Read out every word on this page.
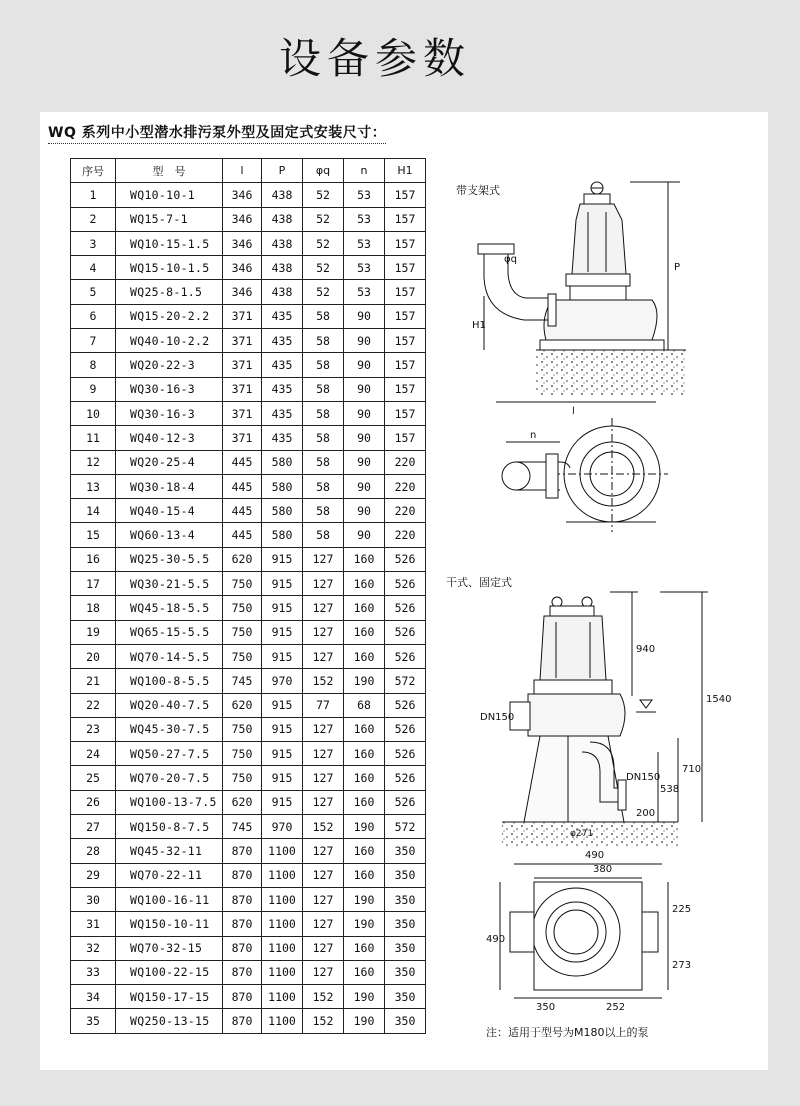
设备参数
WQ 系列中小型潜水排污泵外型及固定式安装尺寸：
序号	型　号	l	P	φq	n	H1
1	WQ10-10-1	346	438	52	53	157
2	WQ15-7-1	346	438	52	53	157
3	WQ10-15-1.5	346	438	52	53	157
4	WQ15-10-1.5	346	438	52	53	157
5	WQ25-8-1.5	346	438	52	53	157
6	WQ15-20-2.2	371	435	58	90	157
7	WQ40-10-2.2	371	435	58	90	157
8	WQ20-22-3	371	435	58	90	157
9	WQ30-16-3	371	435	58	90	157
10	WQ30-16-3	371	435	58	90	157
11	WQ40-12-3	371	435	58	90	157
12	WQ20-25-4	445	580	58	90	220
13	WQ30-18-4	445	580	58	90	220
14	WQ40-15-4	445	580	58	90	220
15	WQ60-13-4	445	580	58	90	220
16	WQ25-30-5.5	620	915	127	160	526
17	WQ30-21-5.5	750	915	127	160	526
18	WQ45-18-5.5	750	915	127	160	526
19	WQ65-15-5.5	750	915	127	160	526
20	WQ70-14-5.5	750	915	127	160	526
21	WQ100-8-5.5	745	970	152	190	572
22	WQ20-40-7.5	620	915	77	68	526
23	WQ45-30-7.5	750	915	127	160	526
24	WQ50-27-7.5	750	915	127	160	526
25	WQ70-20-7.5	750	915	127	160	526
26	WQ100-13-7.5	620	915	127	160	526
27	WQ150-8-7.5	745	970	152	190	572
28	WQ45-32-11	870	1100	127	160	350
29	WQ70-22-11	870	1100	127	160	350
30	WQ100-16-11	870	1100	127	190	350
31	WQ150-10-11	870	1100	127	190	350
32	WQ70-32-15	870	1100	127	160	350
33	WQ100-22-15	870	1100	127	160	350
34	WQ150-17-15	870	1100	152	190	350
35	WQ250-13-15	870	1100	152	190	350
带支架式
P
H1
φq
l
n
干式、固定式
DN150
DN150
φ271
940
1540
710
538
200
490
380
490
225
273
350	252
注：适用于型号为M180以上的泵
